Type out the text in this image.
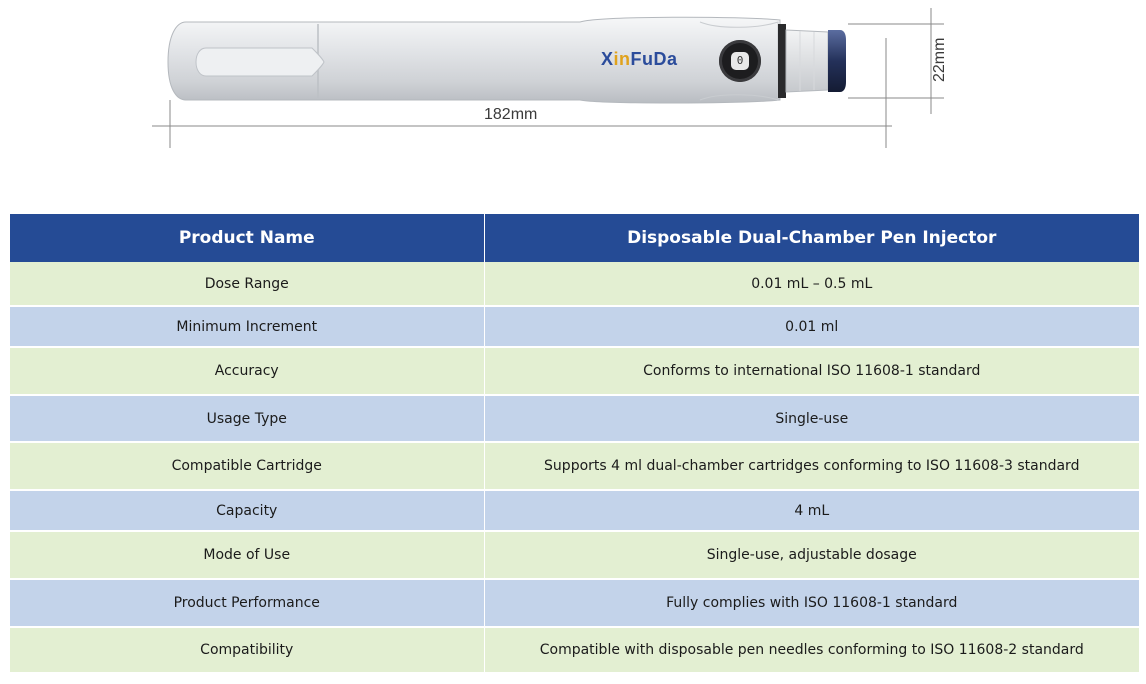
XinFuDa	0
182mm
22mm
Product Name	Disposable Dual-Chamber Pen Injector
Dose Range	0.01 mL – 0.5 mL
Minimum Increment	0.01 ml
Accuracy	Conforms to international ISO 11608-1 standard
Usage Type	Single-use
Compatible Cartridge	Supports 4 ml dual-chamber cartridges conforming to ISO 11608-3 standard
Capacity	4 mL
Mode of Use	Single-use, adjustable dosage
Product Performance	Fully complies with ISO 11608-1 standard
Compatibility	Compatible with disposable pen needles conforming to ISO 11608-2 standard
